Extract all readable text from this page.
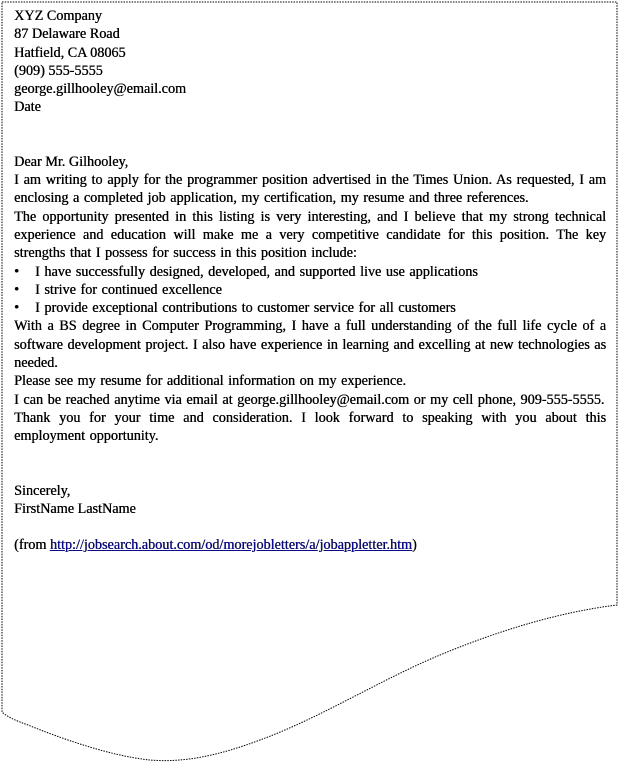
XYZ Company

87 Delaware Road

Hatfield, CA 08065

(909) 555-5555

george.gillhooley@email.com

Date

Dear Mr. Gilhooley,

I am writing to apply for the programmer position advertised in the Times Union. As requested, I am enclosing a completed job application, my certification, my resume and three references.

The opportunity presented in this listing is very interesting, and I believe that my strong technical experience and education will make me a very competitive candidate for this position. The key strengths that I possess for success in this position include:

• I have successfully designed, developed, and supported live use applications
• I strive for continued excellence
• I provide exceptional contributions to customer service for all customers

With a BS degree in Computer Programming, I have a full understanding of the full life cycle of a software development project. I also have experience in learning and excelling at new technologies as needed.

Please see my resume for additional information on my experience.

I can be reached anytime via email at george.gillhooley@email.com or my cell phone, 909-555-5555.

Thank you for your time and consideration. I look forward to speaking with you about this employment opportunity.

Sincerely,

FirstName LastName

(from http://jobsearch.about.com/od/morejobletters/a/jobappletter.htm)
